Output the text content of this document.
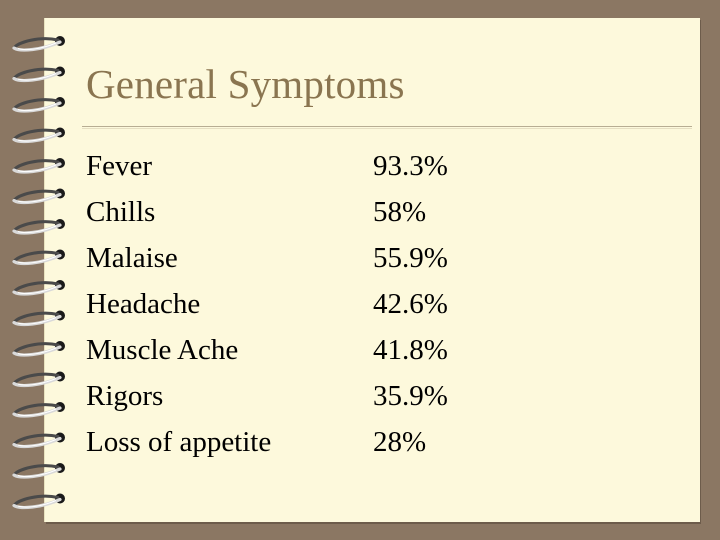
General Symptoms
Fever	93.3%
Chills	58%
Malaise	55.9%
Headache	42.6%
Muscle Ache	41.8%
Rigors	35.9%
Loss of appetite	28%
